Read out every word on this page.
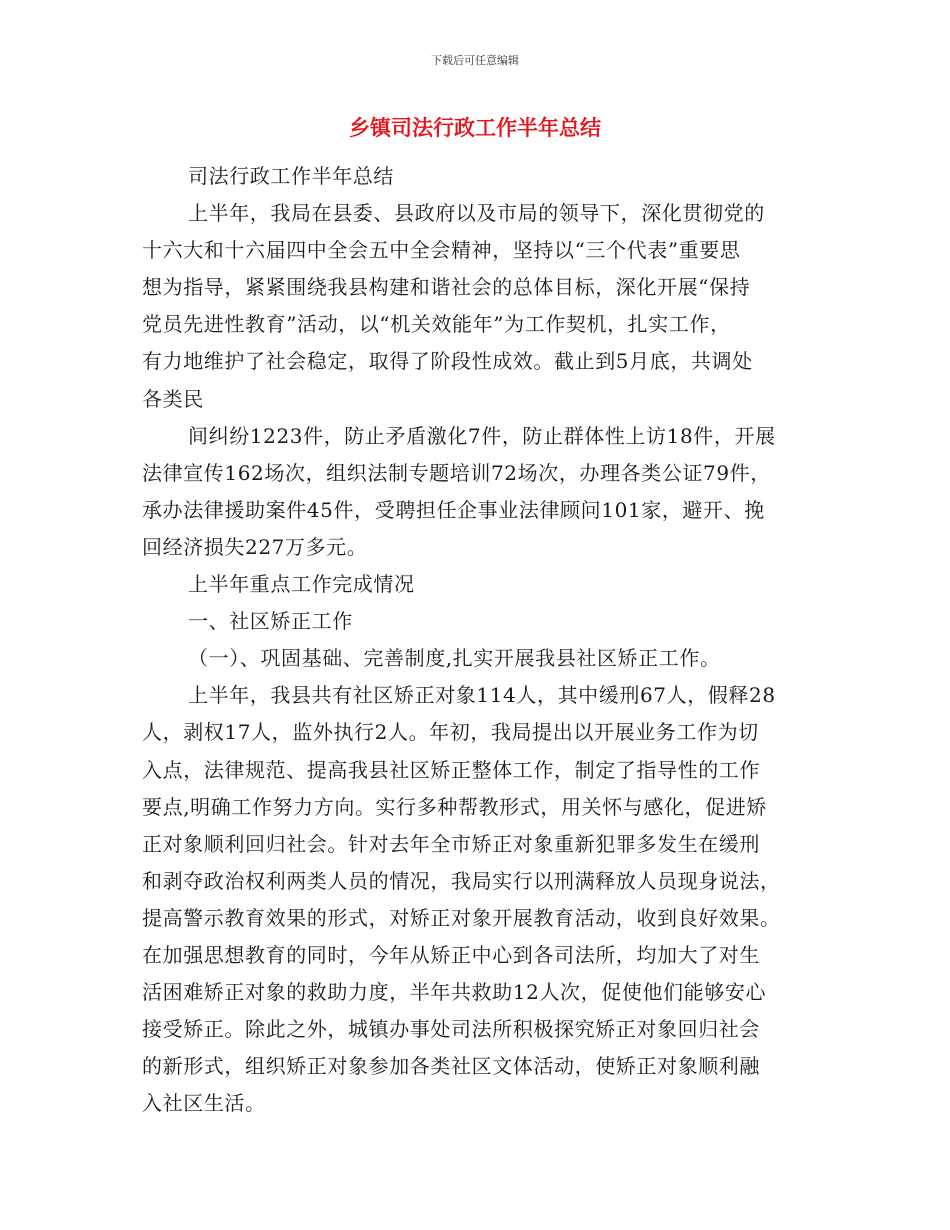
下载后可任意编辑
乡镇司法行政工作半年总结
司法行政工作半年总结
上半年，我局在县委、县政府以及市局的领导下，深化贯彻党的
十六大和十六届四中全会五中全会精神，坚持以“三个代表”重要思
想为指导，紧紧围绕我县构建和谐社会的总体目标，深化开展“保持
党员先进性教育”活动，以“机关效能年”为工作契机，扎实工作，
有力地维护了社会稳定，取得了阶段性成效。截止到5月底，共调处
各类民
间纠纷1223件，防止矛盾激化7件，防止群体性上访18件，开展
法律宣传162场次，组织法制专题培训72场次，办理各类公证79件，
承办法律援助案件45件，受聘担任企事业法律顾问101家，避开、挽
回经济损失227万多元。
上半年重点工作完成情况
一、社区矫正工作
（一）、巩固基础、完善制度,扎实开展我县社区矫正工作。
上半年，我县共有社区矫正对象114人，其中缓刑67人，假释28
人，剥权17人，监外执行2人。年初，我局提出以开展业务工作为切
入点，法律规范、提高我县社区矫正整体工作，制定了指导性的工作
要点,明确工作努力方向。实行多种帮教形式，用关怀与感化，促进矫
正对象顺利回归社会。针对去年全市矫正对象重新犯罪多发生在缓刑
和剥夺政治权利两类人员的情况，我局实行以刑满释放人员现身说法，
提高警示教育效果的形式，对矫正对象开展教育活动，收到良好效果。
在加强思想教育的同时，今年从矫正中心到各司法所，均加大了对生
活困难矫正对象的救助力度，半年共救助12人次，促使他们能够安心
接受矫正。除此之外，城镇办事处司法所积极探究矫正对象回归社会
的新形式，组织矫正对象参加各类社区文体活动，使矫正对象顺利融
入社区生活。
